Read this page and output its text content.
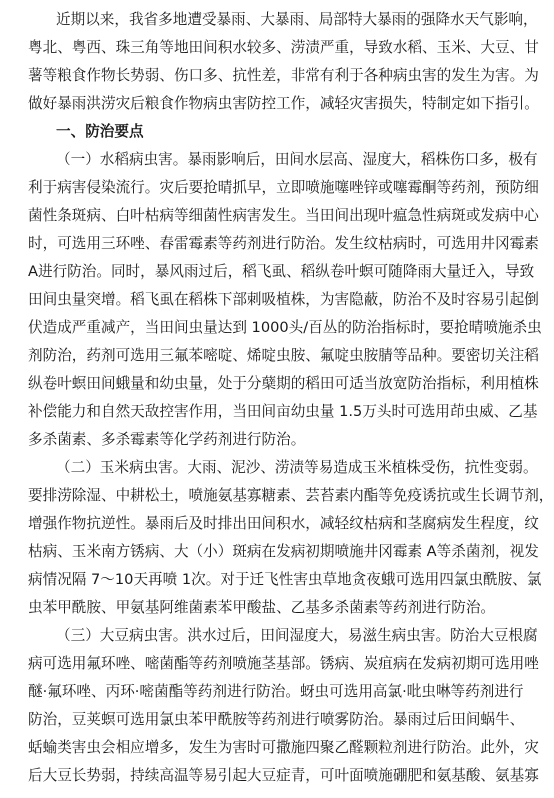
近期以来，我省多地遭受暴雨、大暴雨、局部特大暴雨的强降水天气影响，
粤北、粤西、珠三角等地田间积水较多、涝渍严重，导致水稻、玉米、大豆、甘
薯等粮食作物长势弱、伤口多、抗性差，非常有利于各种病虫害的发生为害。为
做好暴雨洪涝灾后粮食作物病虫害防控工作，减轻灾害损失，特制定如下指引。
一、防治要点
（一）水稻病虫害。暴雨影响后，田间水层高、湿度大，稻株伤口多，极有
利于病害侵染流行。灾后要抢晴抓早，立即喷施噻唑锌或噻霉酮等药剂，预防细
菌性条斑病、白叶枯病等细菌性病害发生。当田间出现叶瘟急性病斑或发病中心
时，可选用三环唑、春雷霉素等药剂进行防治。发生纹枯病时，可选用井冈霉素
A进行防治。同时，暴风雨过后，稻飞虱、稻纵卷叶螟可随降雨大量迁入，导致
田间虫量突增。稻飞虱在稻株下部刺吸植株，为害隐蔽，防治不及时容易引起倒
伏造成严重减产，当田间虫量达到 1000头/百丛的防治指标时，要抢晴喷施杀虫
剂防治，药剂可选用三氟苯嘧啶、烯啶虫胺、氟啶虫胺腈等品种。要密切关注稻
纵卷叶螟田间蛾量和幼虫量，处于分蘖期的稻田可适当放宽防治指标，利用植株
补偿能力和自然天敌控害作用，当田间亩幼虫量 1.5万头时可选用茚虫威、乙基
多杀菌素、多杀霉素等化学药剂进行防治。
（二）玉米病虫害。大雨、泥沙、涝渍等易造成玉米植株受伤，抗性变弱。
要排涝除湿、中耕松土，喷施氨基寡糖素、芸苔素内酯等免疫诱抗或生长调节剂，
增强作物抗逆性。暴雨后及时排出田间积水，减轻纹枯病和茎腐病发生程度，纹
枯病、玉米南方锈病、大（小）斑病在发病初期喷施井冈霉素 A等杀菌剂，视发
病情况隔 7～10天再喷 1次。对于迁飞性害虫草地贪夜蛾可选用四氯虫酰胺、氯
虫苯甲酰胺、甲氨基阿维菌素苯甲酸盐、乙基多杀菌素等药剂进行防治。
（三）大豆病虫害。洪水过后，田间湿度大，易滋生病虫害。防治大豆根腐
病可选用氟环唑、嘧菌酯等药剂喷施茎基部。锈病、炭疽病在发病初期可选用唑
醚·氟环唑、丙环·嘧菌酯等药剂进行防治。蚜虫可选用高氯·吡虫啉等药剂进行
防治，豆荚螟可选用氯虫苯甲酰胺等药剂进行喷雾防治。暴雨过后田间蜗牛、
蛞蝓类害虫会相应增多，发生为害时可撒施四聚乙醛颗粒剂进行防治。此外，灾
后大豆长势弱，持续高温等易引起大豆症青，可叶面喷施硼肥和氨基酸、氨基寡
